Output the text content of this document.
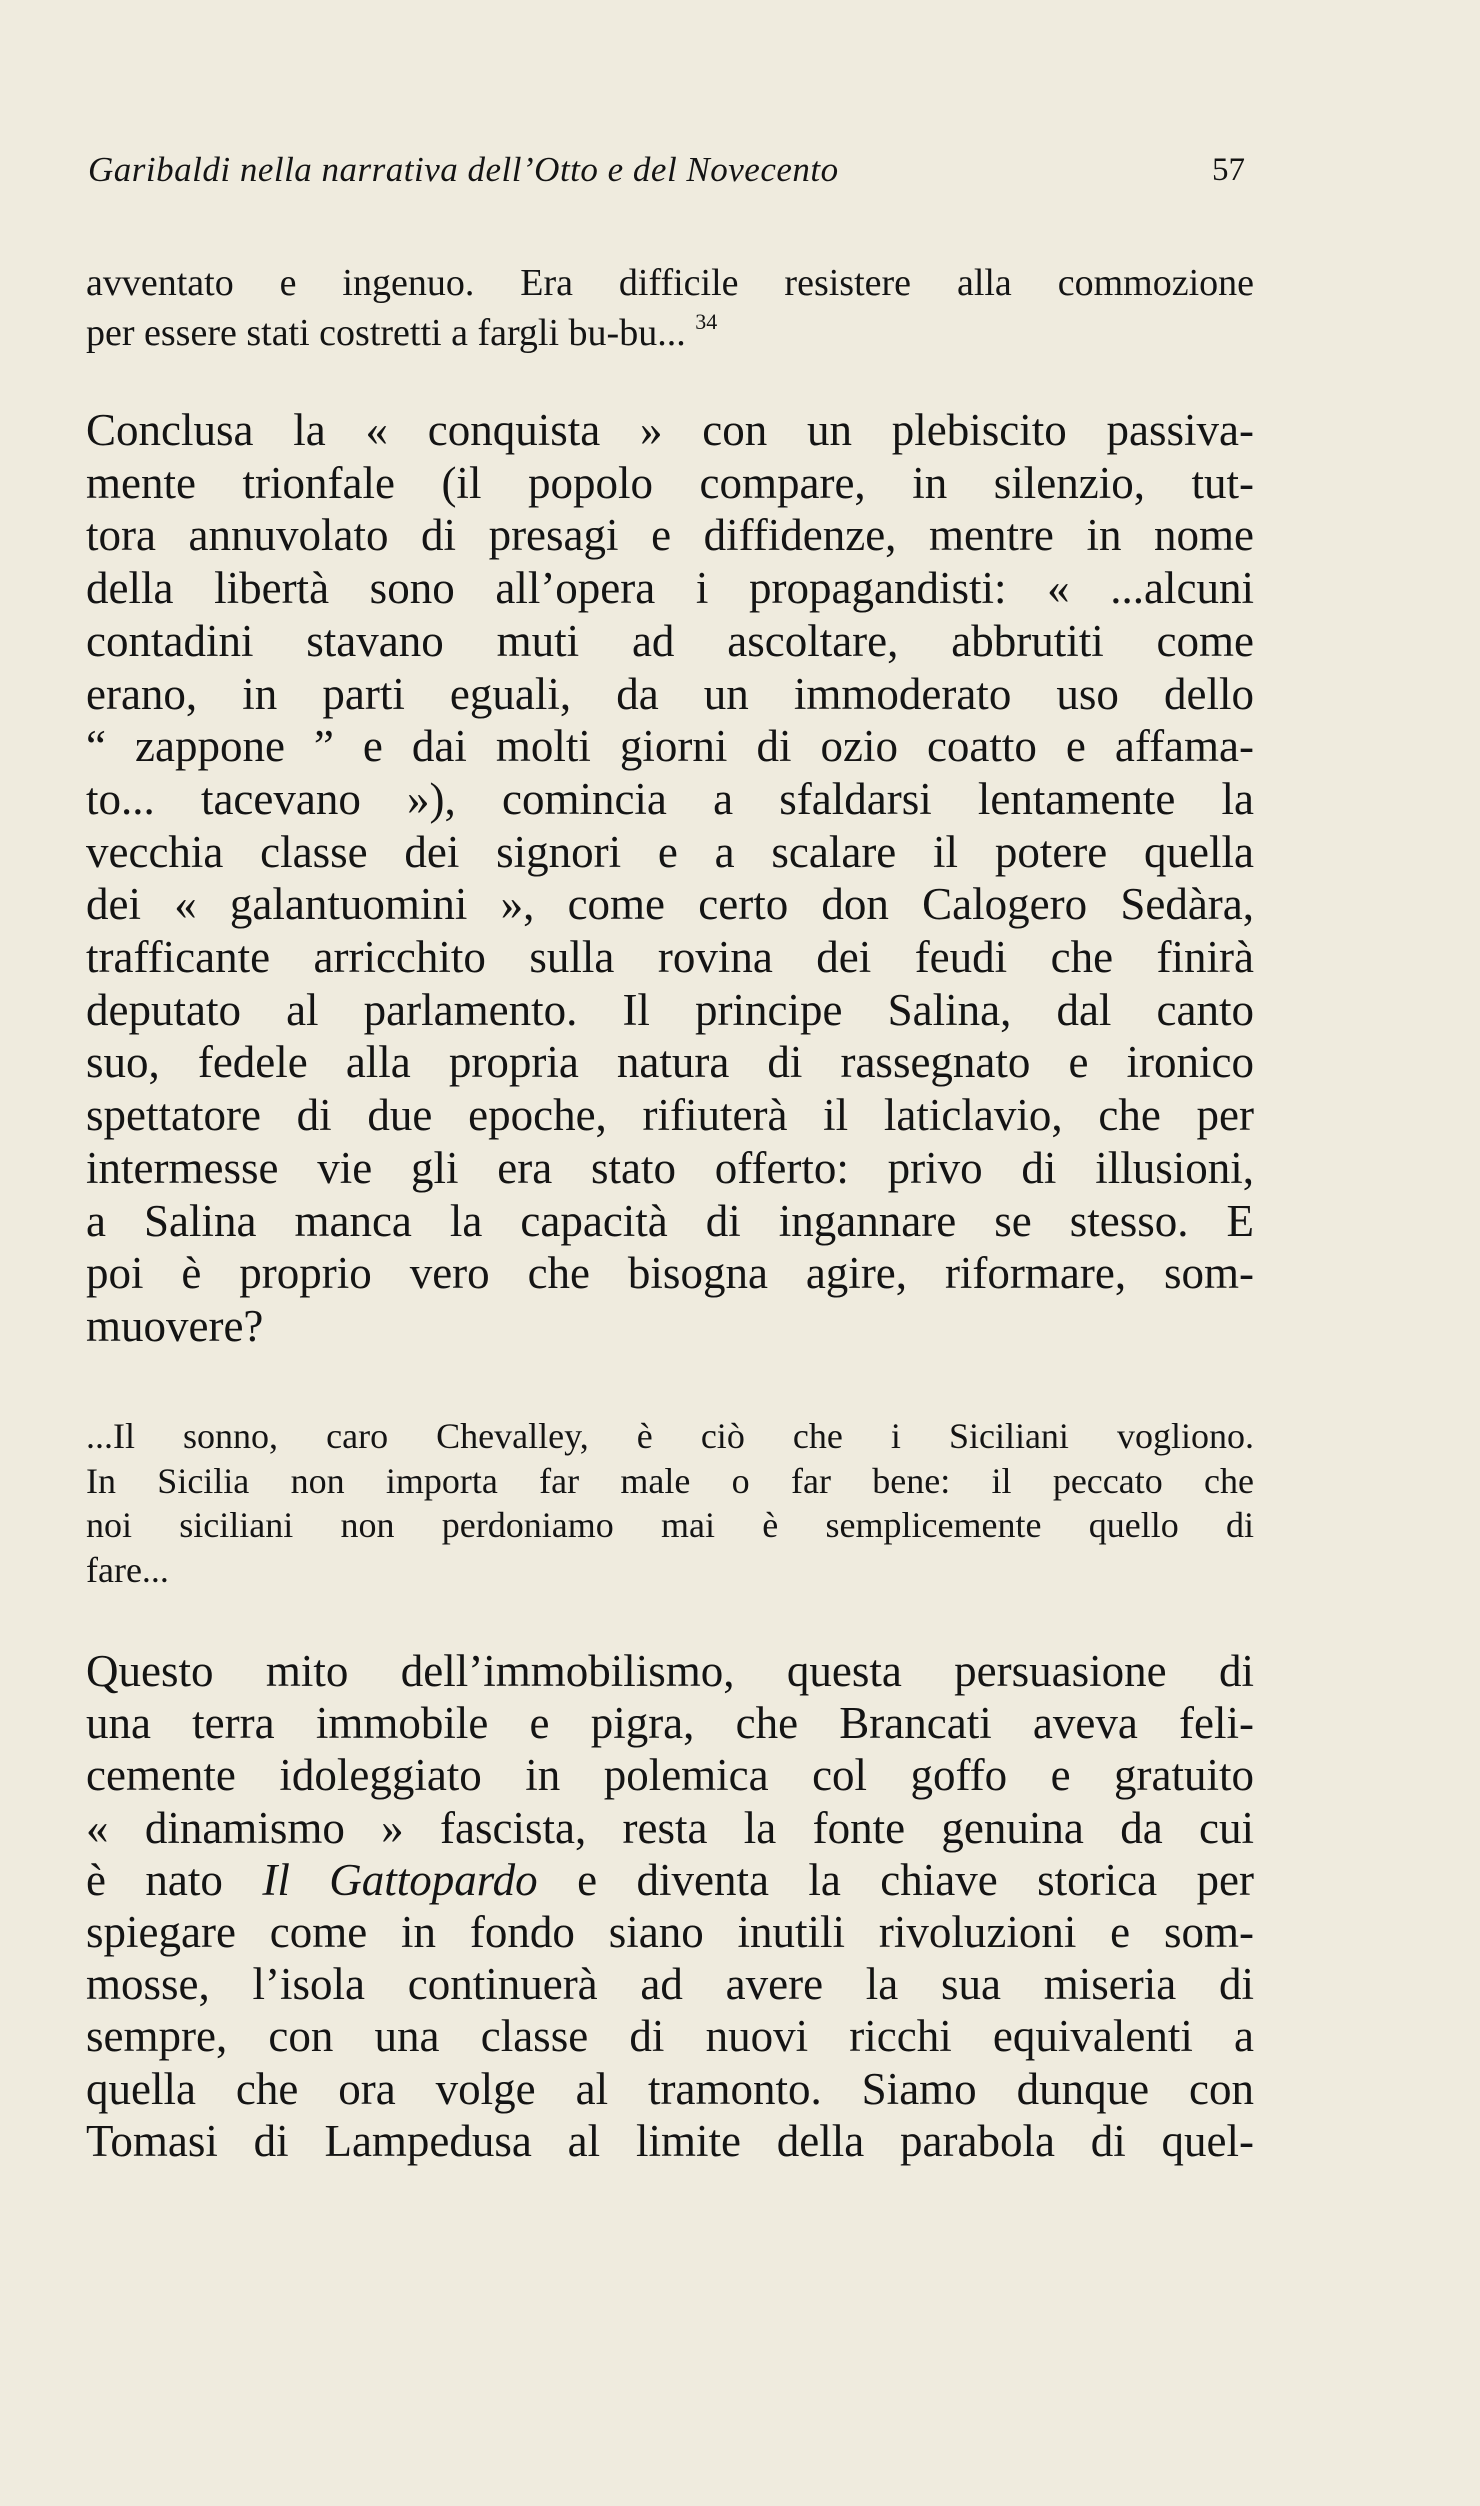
Garibaldi nella narrativa dell’Otto e del Novecento	57
avventato e ingenuo. Era difficile resistere alla commozione
per essere stati costretti a fargli bu-bu... $^{34}$
Conclusa la « conquista » con un plebiscito passiva-
mente trionfale (il popolo compare, in silenzio, tut-
tora annuvolato di presagi e diffidenze, mentre in nome
della libertà sono all’opera i propagandisti: « ...alcuni
contadini stavano muti ad ascoltare, abbrutiti come
erano, in parti eguali, da un immoderato uso dello
“ zappone ” e dai molti giorni di ozio coatto e affama-
to... tacevano »), comincia a sfaldarsi lentamente la
vecchia classe dei signori e a scalare il potere quella
dei « galantuomini », come certo don Calogero Sedàra,
trafficante arricchito sulla rovina dei feudi che finirà
deputato al parlamento. Il principe Salina, dal canto
suo, fedele alla propria natura di rassegnato e ironico
spettatore di due epoche, rifiuterà il laticlavio, che per
intermesse vie gli era stato offerto: privo di illusioni,
a Salina manca la capacità di ingannare se stesso. E
poi è proprio vero che bisogna agire, riformare, som-
muovere?
...Il sonno, caro Chevalley, è ciò che i Siciliani vogliono.
In Sicilia non importa far male o far bene: il peccato che
noi siciliani non perdoniamo mai è semplicemente quello di
fare...
Questo mito dell’immobilismo, questa persuasione di
una terra immobile e pigra, che Brancati aveva feli-
cemente idoleggiato in polemica col goffo e gratuito
« dinamismo » fascista, resta la fonte genuina da cui
è nato Il Gattopardo e diventa la chiave storica per
spiegare come in fondo siano inutili rivoluzioni e som-
mosse, l’isola continuerà ad avere la sua miseria di
sempre, con una classe di nuovi ricchi equivalenti a
quella che ora volge al tramonto. Siamo dunque con
Tomasi di Lampedusa al limite della parabola di quel-
